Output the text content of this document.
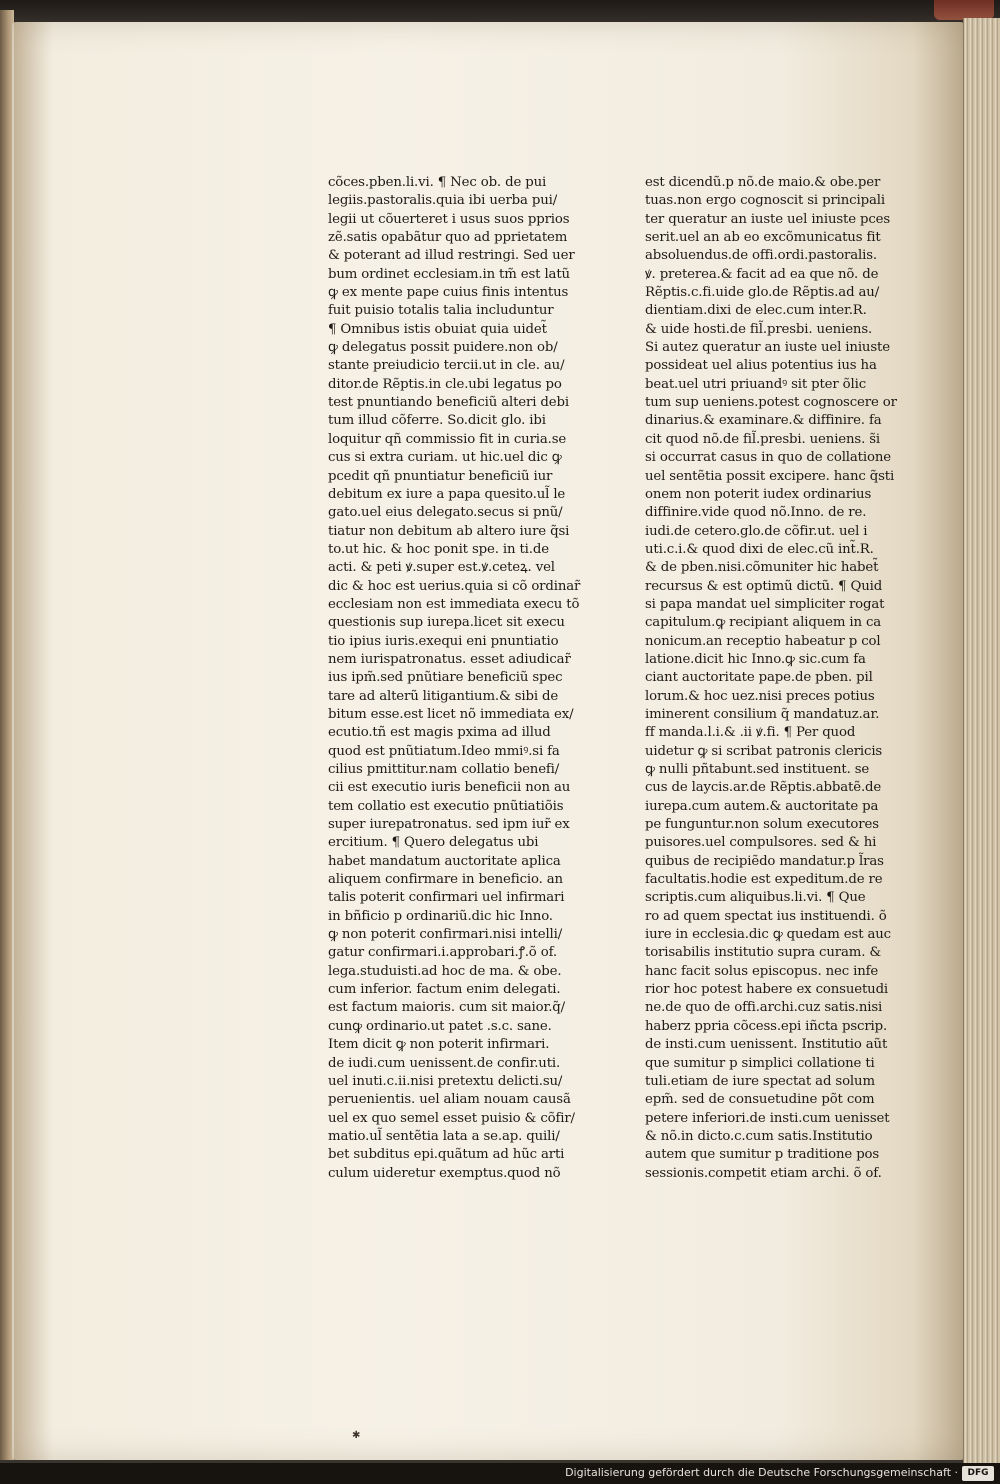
cõces.pben.li.vi. ¶ Nec ob. de pui
legiis.pastoralis.quia ibi uerba pui/
legii ut cõuerteret i usus suos pprios
zẽ.satis opabãtur quo ad pprietatem
& poterant ad illud restringi. Sed uer
bum ordinet ecclesiam.in tm̃ est latũ
ꝙ ex mente pape cuius finis intentus
fuit puisio totalis talia includuntur
¶ Omnibus istis obuiat quia uidet̃
ꝙ delegatus possit puidere.non ob/
stante preiudicio tercii.ut in cle. au/
ditor.de Rẽptis.in cle.ubi legatus po
test pnuntiando beneficiũ alteri debi
tum illud cõferre. So.dicit glo. ibi
loquitur qñ commissio fit in curia.se
cus si extra curiam. ut hic.uel dic ꝙ
pcedit qñ pnuntiatur beneficiũ iur
debitum ex iure a papa quesito.ul̃ le
gato.uel eius delegato.secus si pnũ/
tiatur non debitum ab altero iure q̃si
to.ut hic. & hoc ponit spe. in ti.de
acti. & peti ꝟ.super est.ꝟ.ceteꝝ. vel
dic & hoc est uerius.quia si cõ ordinar̃
ecclesiam non est immediata execu tõ
questionis sup iurepa.licet sit execu
tio ipius iuris.exequi eni pnuntiatio
nem iurispatronatus. esset adiudicar̃
ius ipm̃.sed pnũtiare beneficiũ spec
tare ad alterũ litigantium.& sibi de
bitum esse.est licet nõ immediata ex/
ecutio.tñ est magis pxima ad illud
quod est pnũtiatum.Ideo mmiꝰ.si fa
cilius pmittitur.nam collatio benefi/
cii est executio iuris beneficii non au
tem collatio est executio pnũtiatiõis
super iurepatronatus. sed ipm iur̃ ex
ercitium. ¶ Quero delegatus ubi
habet mandatum auctoritate aplica
aliquem confirmare in beneficio. an
talis poterit confirmari uel infirmari
in bñficio p ordinariũ.dic hic Inno.
ꝙ non poterit confirmari.nisi intelli/
gatur confirmari.i.approbari.ꝭ.õ of.
lega.studuisti.ad hoc de ma. & obe.
cum inferior. factum enim delegati.
est factum maioris. cum sit maior.q̃/
cunꝙ ordinario.ut patet .s.c. sane.
Item dicit ꝙ non poterit infirmari.
de iudi.cum uenissent.de confir.uti.
uel inuti.c.ii.nisi pretextu delicti.su/
peruenientis. uel aliam nouam causã
uel ex quo semel esset puisio & cõfir/
matio.ul̃ sentẽtia lata a se.ap. quili/
bet subditus epi.quãtum ad hũc arti
culum uideretur exemptus.quod nõ
est dicendũ.p nõ.de maio.& obe.per
tuas.non ergo cognoscit si principali
ter queratur an iuste uel iniuste pces
serit.uel an ab eo excõmunicatus fit
absoluendus.de offi.ordi.pastoralis.
ꝟ. preterea.& facit ad ea que nõ. de
Rẽptis.c.fi.uide glo.de Rẽptis.ad au/
dientiam.dixi de elec.cum inter.R.
& uide hosti.de fil̃.presbi. ueniens.
Si autez queratur an iuste uel iniuste
possideat uel alius potentius ius ha
beat.uel utri priuandꝰ sit pter õlic
tum sup ueniens.potest cognoscere or
dinarius.& examinare.& diffinire. fa
cit quod nõ.de fil̃.presbi. ueniens. s̃i
si occurrat casus in quo de collatione
uel sentẽtia possit excipere. hanc q̃sti
onem non poterit iudex ordinarius
diffinire.vide quod nõ.Inno. de re.
iudi.de cetero.glo.de cõfir.ut. uel i
uti.c.i.& quod dixi de elec.cũ int̃.R.
& de pben.nisi.cõmuniter hic habet̃
recursus & est optimũ dictũ. ¶ Quid
si papa mandat uel simpliciter rogat
capitulum.ꝙ recipiant aliquem in ca
nonicum.an receptio habeatur p col
latione.dicit hic Inno.ꝙ sic.cum fa
ciant auctoritate pape.de pben. pil
lorum.& hoc uez.nisi preces potius
iminerent consilium q̃ mandatuz.ar.
ff manda.l.i.& .ii ꝟ.fi. ¶ Per quod
uidetur ꝙ si scribat patronis clericis
ꝙ nulli pñtabunt.sed instituent. se
cus de laycis.ar.de Rẽptis.abbatẽ.de
iurepa.cum autem.& auctoritate pa
pe funguntur.non solum executores
puisores.uel compulsores. sed & hi
quibus de recipiẽdo mandatur.p l̃ras
facultatis.hodie est expeditum.de re
scriptis.cum aliquibus.li.vi. ¶ Que
ro ad quem spectat ius instituendi. õ
iure in ecclesia.dic ꝙ quedam est auc
torisabilis institutio supra curam. &
hanc facit solus episcopus. nec infe
rior hoc potest habere ex consuetudi
ne.de quo de offi.archi.cuz satis.nisi
haberz ppria cõcess.epi iñcta pscrip.
de insti.cum uenissent. Institutio aũt
que sumitur p simplici collatione ti
tuli.etiam de iure spectat ad solum
epm̃. sed de consuetudine põt com
petere inferiori.de insti.cum uenisset
& nõ.in dicto.c.cum satis.Institutio
autem que sumitur p traditione pos
sessionis.competit etiam archi. õ of.
✱
Digitalisierung gefördert durch die Deutsche Forschungsgemeinschaft ·	DFG
